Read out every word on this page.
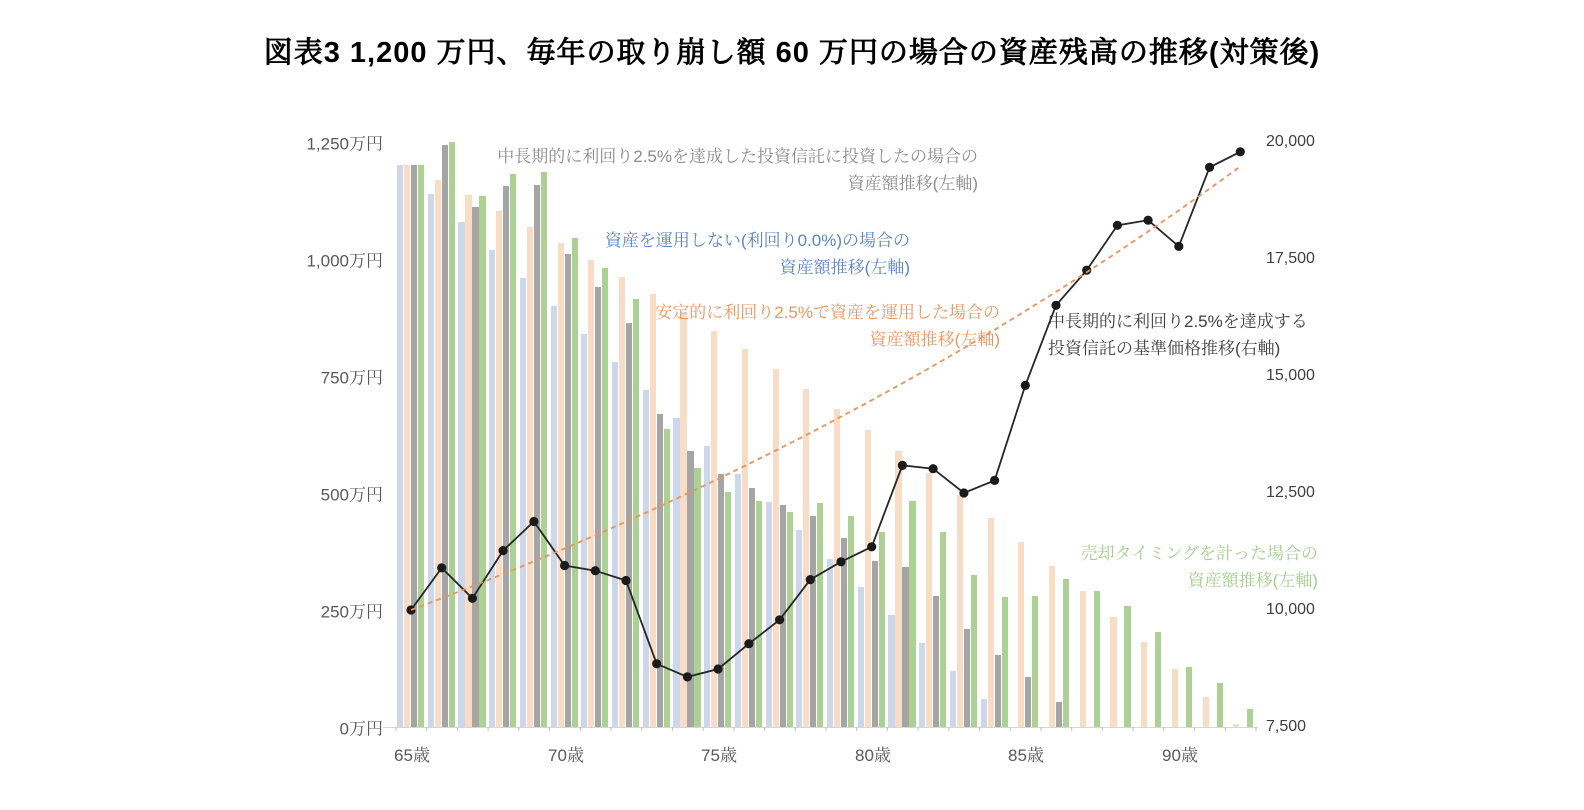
図表3 1,200 万円、毎年の取り崩し額 60 万円の場合の資産残高の推移(対策後)
1,250万円
1,000万円
750万円
500万円
250万円
0万円
20,000
17,500
15,000
12,500
10,000
7,500
65歳	70歳	75歳	80歳	85歳	90歳
中長期的に利回り2.5%を達成した投資信託に投資したの場合の
資産額推移(左軸)
資産を運用しない(利回り0.0%)の場合の
資産額推移(左軸)
安定的に利回り2.5%で資産を運用した場合の
資産額推移(左軸)
中長期的に利回り2.5%を達成する
投資信託の基準価格推移(右軸)
売却タイミングを計った場合の
資産額推移(左軸)
